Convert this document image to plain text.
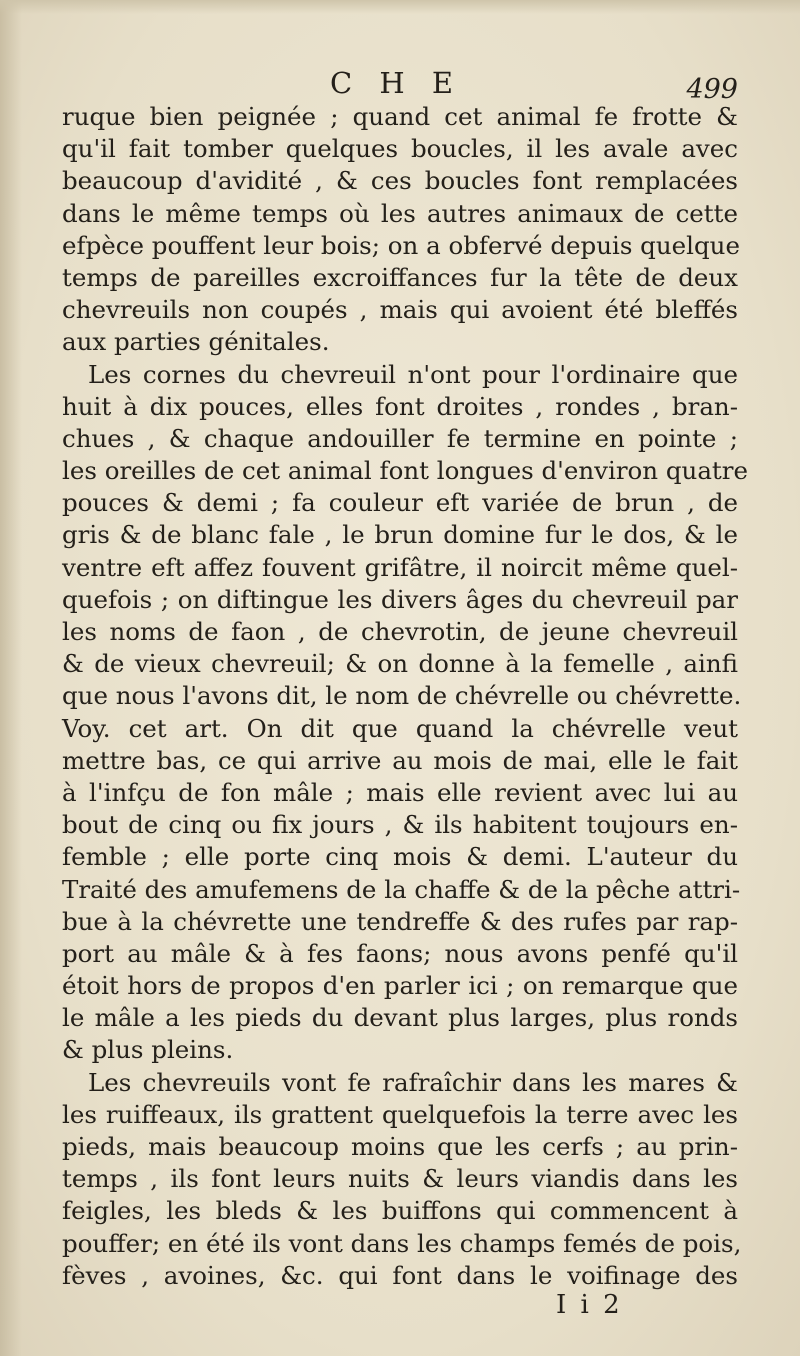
C H E	499
ruque bien peignée ; quand cet animal fe frotte &
qu'il fait tomber quelques boucles, il les avale avec
beaucoup d'avidité , & ces boucles font remplacées
dans le même temps où les autres animaux de cette
efpèce pouffent leur bois; on a obfervé depuis quelque
temps de pareilles excroiffances fur la tête de deux
chevreuils non coupés , mais qui avoient été bleffés
aux parties génitales.
Les cornes du chevreuil n'ont pour l'ordinaire que
huit à dix pouces, elles font droites , rondes , bran-
chues , & chaque andouiller fe termine en pointe ;
les oreilles de cet animal font longues d'environ quatre
pouces & demi ; fa couleur eft variée de brun , de
gris & de blanc fale , le brun domine fur le dos, & le
ventre eft affez fouvent grifâtre, il noircit même quel-
quefois ; on diftingue les divers âges du chevreuil par
les noms de faon , de chevrotin, de jeune chevreuil
& de vieux chevreuil; & on donne à la femelle , ainfi
que nous l'avons dit, le nom de chévrelle ou chévrette.
Voy. cet art. On dit que quand la chévrelle veut
mettre bas, ce qui arrive au mois de mai, elle le fait
à l'infçu de fon mâle ; mais elle revient avec lui au
bout de cinq ou fix jours , & ils habitent toujours en-
femble ; elle porte cinq mois & demi. L'auteur du
Traité des amufemens de la chaffe & de la pêche attri-
bue à la chévrette une tendreffe & des rufes par rap-
port au mâle & à fes faons; nous avons penfé qu'il
étoit hors de propos d'en parler ici ; on remarque que
le mâle a les pieds du devant plus larges, plus ronds
& plus pleins.
Les chevreuils vont fe rafraîchir dans les mares &
les ruiffeaux, ils grattent quelquefois la terre avec les
pieds, mais beaucoup moins que les cerfs ; au prin-
temps , ils font leurs nuits & leurs viandis dans les
feigles, les bleds & les buiffons qui commencent à
pouffer; en été ils vont dans les champs femés de pois,
fèves , avoines, &c. qui font dans le voifinage des
I i 2
